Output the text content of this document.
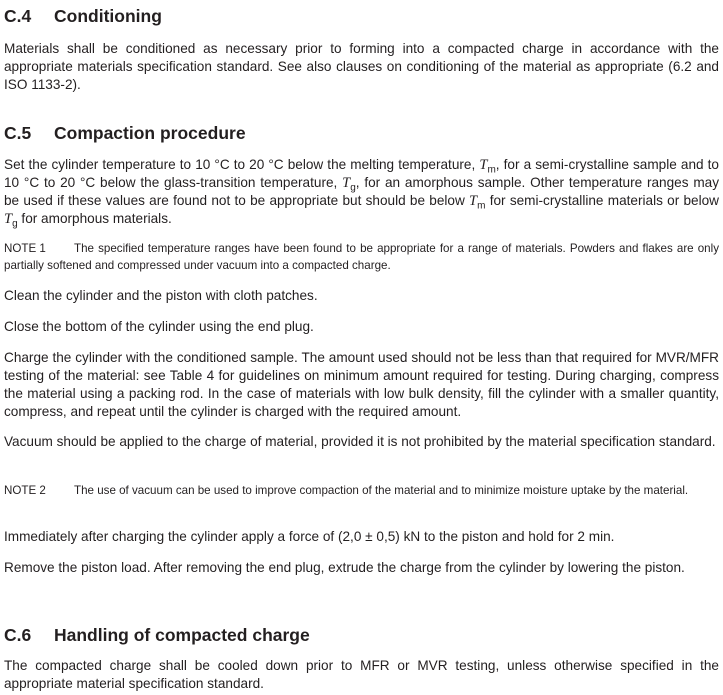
C.4 Conditioning

Materials shall be conditioned as necessary prior to forming into a compacted charge in accordance with the appropriate materials specification standard. See also clauses on conditioning of the material as appropriate (6.2 and ISO 1133-2).

C.5 Compaction procedure

Set the cylinder temperature to 10 °C to 20 °C below the melting temperature, $T_m$, for a semi-crystalline sample and to 10 °C to 20 °C below the glass-transition temperature, $T_g$, for an amorphous sample. Other temperature ranges may be used if these values are found not to be appropriate but should be below $T_m$ for semi-crystalline materials or below $T_g$ for amorphous materials.

NOTE 1 The specified temperature ranges have been found to be appropriate for a range of materials. Powders and flakes are only partially softened and compressed under vacuum into a compacted charge.

Clean the cylinder and the piston with cloth patches.

Close the bottom of the cylinder using the end plug.

Charge the cylinder with the conditioned sample. The amount used should not be less than that required for MVR/MFR testing of the material: see Table 4 for guidelines on minimum amount required for testing. During charging, compress the material using a packing rod. In the case of materials with low bulk density, fill the cylinder with a smaller quantity, compress, and repeat until the cylinder is charged with the required amount.

Vacuum should be applied to the charge of material, provided it is not prohibited by the material specification standard.

NOTE 2 The use of vacuum can be used to improve compaction of the material and to minimize moisture uptake by the material.

Immediately after charging the cylinder apply a force of (2,0 ± 0,5) kN to the piston and hold for 2 min.

Remove the piston load. After removing the end plug, extrude the charge from the cylinder by lowering the piston.

C.6 Handling of compacted charge

The compacted charge shall be cooled down prior to MFR or MVR testing, unless otherwise specified in the appropriate material specification standard.
